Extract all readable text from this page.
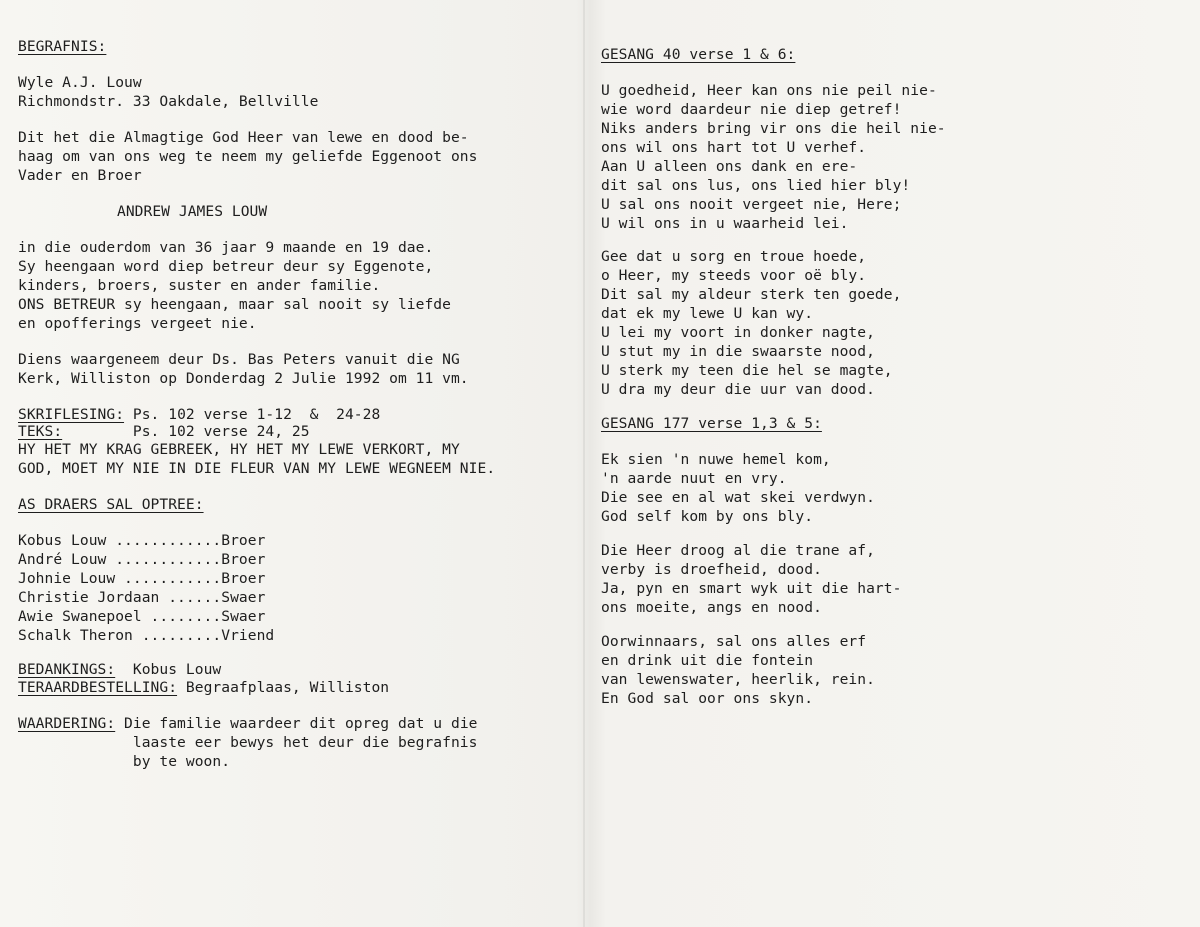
BEGRAFNIS:
Wyle A.J. Louw
Richmondstr. 33 Oakdale, Bellville
Dit het die Almagtige God Heer van lewe en dood be-
haag om van ons weg te neem my geliefde Eggenoot ons
Vader en Broer
ANDREW JAMES LOUW
in die ouderdom van 36 jaar 9 maande en 19 dae.
Sy heengaan word diep betreur deur sy Eggenote,
kinders, broers, suster en ander familie.
ONS BETREUR sy heengaan, maar sal nooit sy liefde
en opofferings vergeet nie.
Diens waargeneem deur Ds. Bas Peters vanuit die NG
Kerk, Williston op Donderdag 2 Julie 1992 om 11 vm.
SKRIFLESING: Ps. 102 verse 1-12  &  24-28
TEKS:        Ps. 102 verse 24, 25
HY HET MY KRAG GEBREEK, HY HET MY LEWE VERKORT, MY
GOD, MOET MY NIE IN DIE FLEUR VAN MY LEWE WEGNEEM NIE.
AS DRAERS SAL OPTREE:
Kobus Louw ............Broer
André Louw ............Broer
Johnie Louw ...........Broer
Christie Jordaan ......Swaer
Awie Swanepoel ........Swaer
Schalk Theron .........Vriend
BEDANKINGS:  Kobus Louw
TERAARDBESTELLING: Begraafplaas, Williston
WAARDERING: Die familie waardeer dit opreg dat u die
laaste eer bewys het deur die begrafnis
by te woon.
GESANG 40 verse 1 & 6:
U goedheid, Heer kan ons nie peil nie-
wie word daardeur nie diep getref!
Niks anders bring vir ons die heil nie-
ons wil ons hart tot U verhef.
Aan U alleen ons dank en ere-
dit sal ons lus, ons lied hier bly!
U sal ons nooit vergeet nie, Here;
U wil ons in u waarheid lei.
Gee dat u sorg en troue hoede,
o Heer, my steeds voor oë bly.
Dit sal my aldeur sterk ten goede,
dat ek my lewe U kan wy.
U lei my voort in donker nagte,
U stut my in die swaarste nood,
U sterk my teen die hel se magte,
U dra my deur die uur van dood.
GESANG 177 verse 1,3 & 5:
Ek sien 'n nuwe hemel kom,
'n aarde nuut en vry.
Die see en al wat skei verdwyn.
God self kom by ons bly.
Die Heer droog al die trane af,
verby is droefheid, dood.
Ja, pyn en smart wyk uit die hart-
ons moeite, angs en nood.
Oorwinnaars, sal ons alles erf
en drink uit die fontein
van lewenswater, heerlik, rein.
En God sal oor ons skyn.
